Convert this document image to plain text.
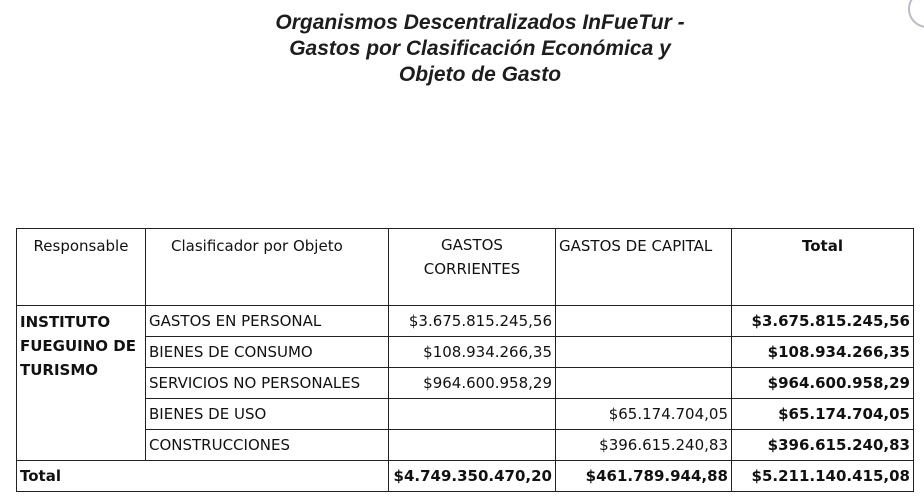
Organismos Descentralizados InFueTur -
Gastos por Clasificación Económica y
Objeto de Gasto
Responsable	Clasificador por Objeto	GASTOS CORRIENTES	GASTOS DE CAPITAL	Total
INSTITUTO FUEGUINO DE TURISMO	GASTOS EN PERSONAL	$3.675.815.245,56		$3.675.815.245,56
	BIENES DE CONSUMO	$108.934.266,35		$108.934.266,35
	SERVICIOS NO PERSONALES	$964.600.958,29		$964.600.958,29
	BIENES DE USO		$65.174.704,05	$65.174.704,05
	CONSTRUCCIONES		$396.615.240,83	$396.615.240,83
Total		$4.749.350.470,20	$461.789.944,88	$5.211.140.415,08
